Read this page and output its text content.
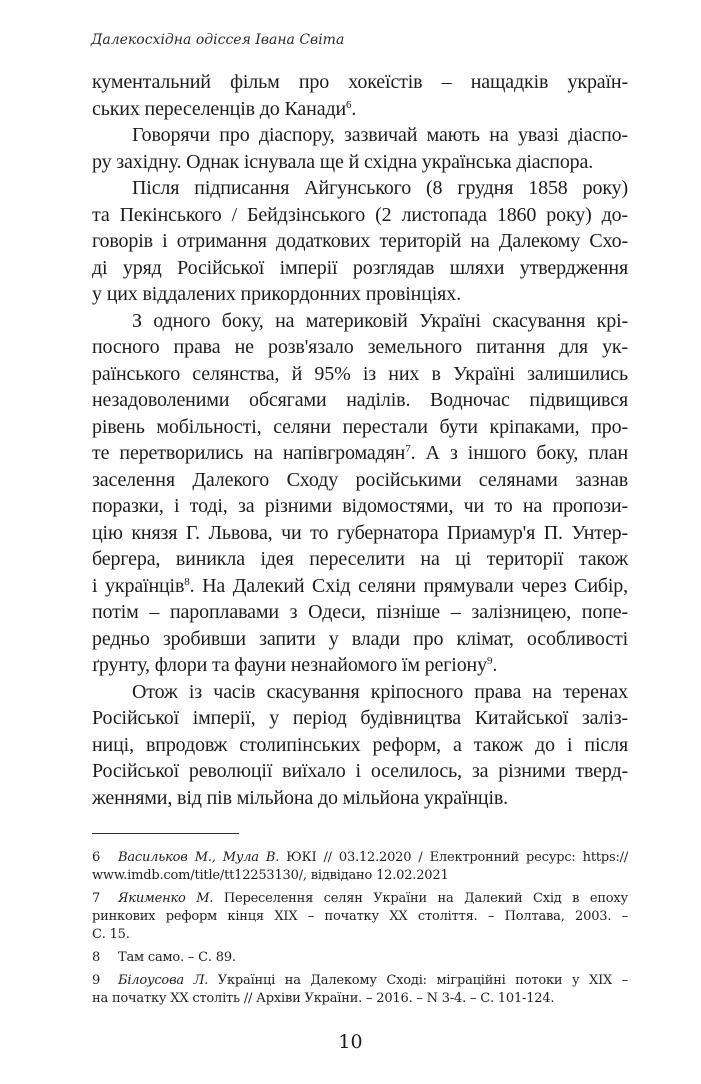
Далекосхідна одіссея Івана Світа
кументальний фільм про хокеїстів – нащадків україн-
ських переселенців до Канади$^6$.
Говорячи про діаспору, зазвичай мають на увазі діаспо-
ру західну. Однак існувала ще й східна українська діаспора.
Після підписання Айгунського (8 грудня 1858 року)
та Пекінського / Бейдзінського (2 листопада 1860 року) до-
говорів і отримання додаткових територій на Далекому Схо-
ді уряд Російської імперії розглядав шляхи утвердження
у цих віддалених прикордонних провінціях.
З одного боку, на материковій Україні скасування крі-
посного права не розв'язало земельного питання для ук-
раїнського селянства, й 95% із них в Україні залишились
незадоволеними обсягами наділів. Водночас підвищився
рівень мобільності, селяни перестали бути кріпаками, про-
те перетворились на напівгромадян$^7$. А з іншого боку, план
заселення Далекого Сходу російськими селянами зазнав
поразки, і тоді, за різними відомостями, чи то на пропози-
цію князя Г. Львова, чи то губернатора Приамур'я П. Унтер-
бергера, виникла ідея переселити на ці території також
і українців$^8$. На Далекий Схід селяни прямували через Сибір,
потім – пароплавами з Одеси, пізніше – залізницею, попе-
редньо зробивши запити у влади про клімат, особливості
ґрунту, флори та фауни незнайомого їм регіону$^9$.
Отож із часів скасування кріпосного права на теренах
Російської імперії, у період будівництва Китайської заліз-
ниці, впродовж столипінських реформ, а також до і після
Російської революції виїхало і оселилось, за різними тверд-
женнями, від пів мільйона до мільйона українців.
6 Васильков М., Мула В. ЮКІ // 03.12.2020 / Електронний ресурс: https://
www.imdb.com/title/tt12253130/, відвідано 12.02.2021
7 Якименко М. Переселення селян України на Далекий Схід в епоху
ринкових реформ кінця XIX – початку XX століття. – Полтава, 2003. –
С. 15.
8 Там само. – С. 89.
9 Білоусова Л. Українці на Далекому Сході: міграційні потоки у XIX –
на початку XX століть // Архіви України. – 2016. – N 3-4. – С. 101-124.
10
